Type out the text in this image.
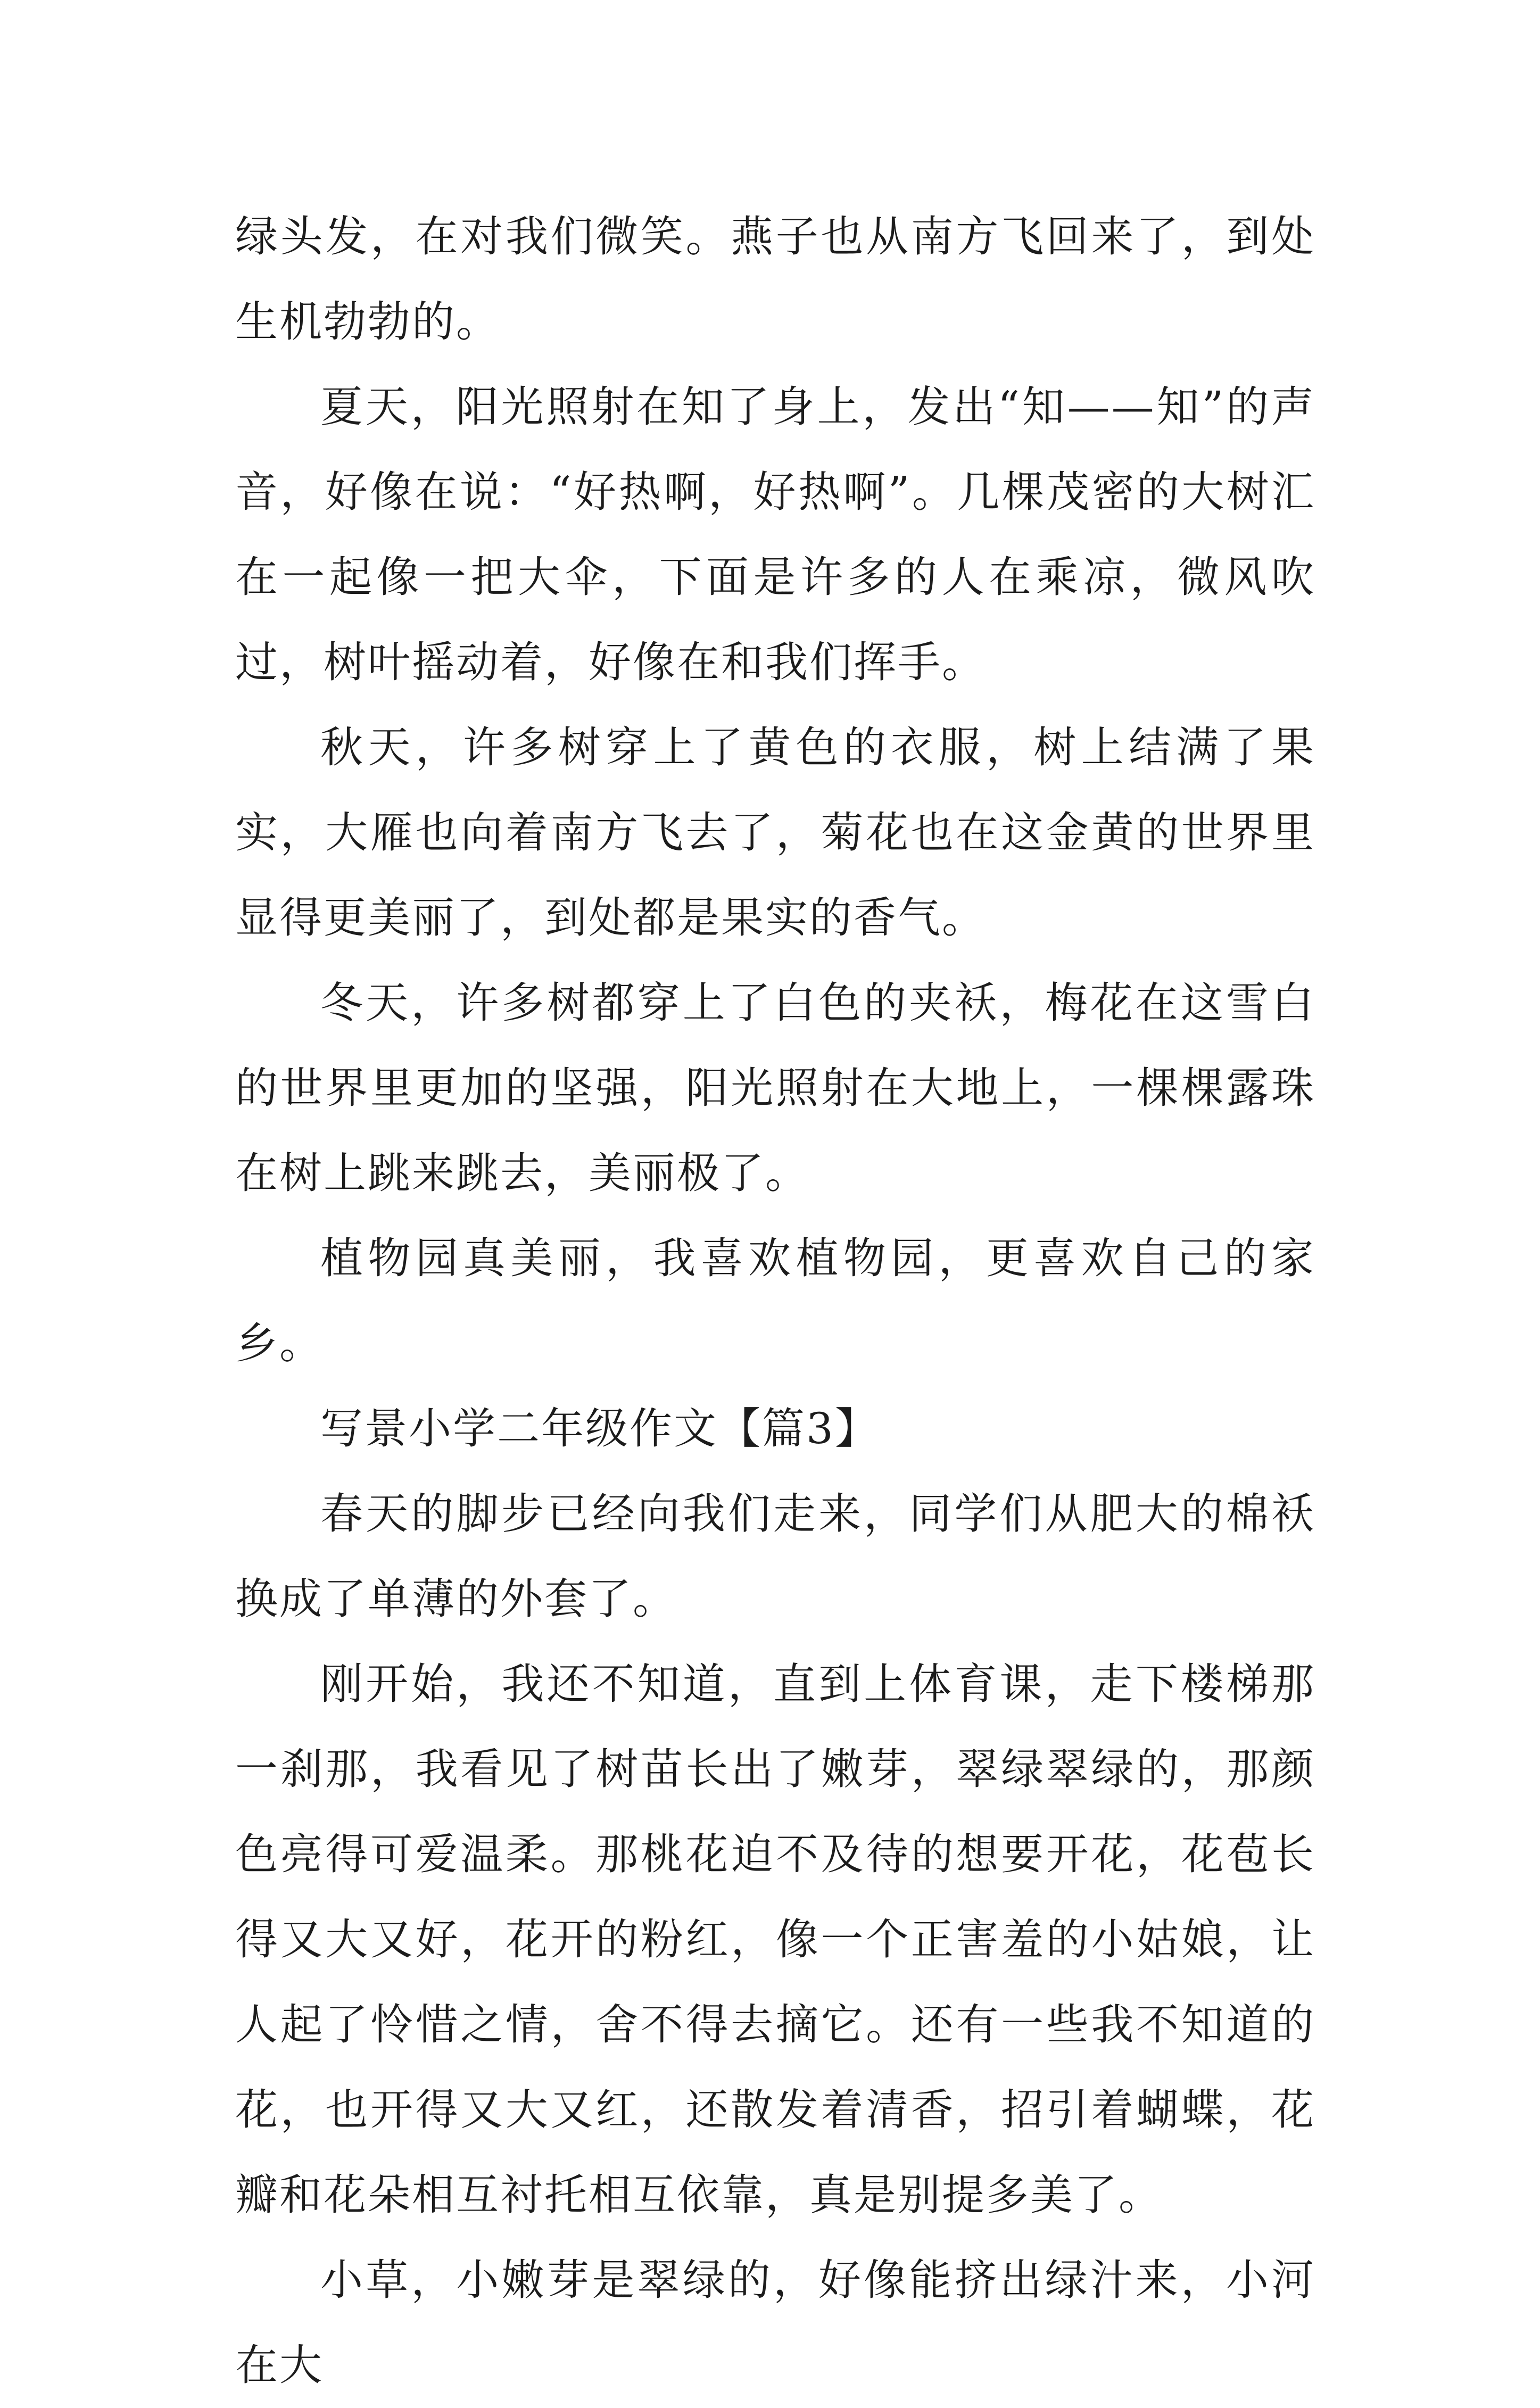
绿头发，在对我们微笑。燕子也从南方飞回来了，到处生机勃勃的。

夏天，阳光照射在知了身上，发出“知——知”的声音，好像在说：“好热啊，好热啊”。几棵茂密的大树汇在一起像一把大伞，下面是许多的人在乘凉，微风吹过，树叶摇动着，好像在和我们挥手。

秋天，许多树穿上了黄色的衣服，树上结满了果实，大雁也向着南方飞去了，菊花也在这金黄的世界里显得更美丽了，到处都是果实的香气。

冬天，许多树都穿上了白色的夹袄，梅花在这雪白的世界里更加的坚强，阳光照射在大地上，一棵棵露珠在树上跳来跳去，美丽极了。

植物园真美丽，我喜欢植物园，更喜欢自己的家乡。

写景小学二年级作文【篇3】

春天的脚步已经向我们走来，同学们从肥大的棉袄换成了单薄的外套了。

刚开始，我还不知道，直到上体育课，走下楼梯那一刹那，我看见了树苗长出了嫩芽，翠绿翠绿的，那颜色亮得可爱温柔。那桃花迫不及待的想要开花，花苞长得又大又好，花开的粉红，像一个正害羞的小姑娘，让人起了怜惜之情，舍不得去摘它。还有一些我不知道的花，也开得又大又红，还散发着清香，招引着蝴蝶，花瓣和花朵相互衬托相互依靠，真是别提多美了。

小草，小嫩芽是翠绿的，好像能挤出绿汁来，小河在大
